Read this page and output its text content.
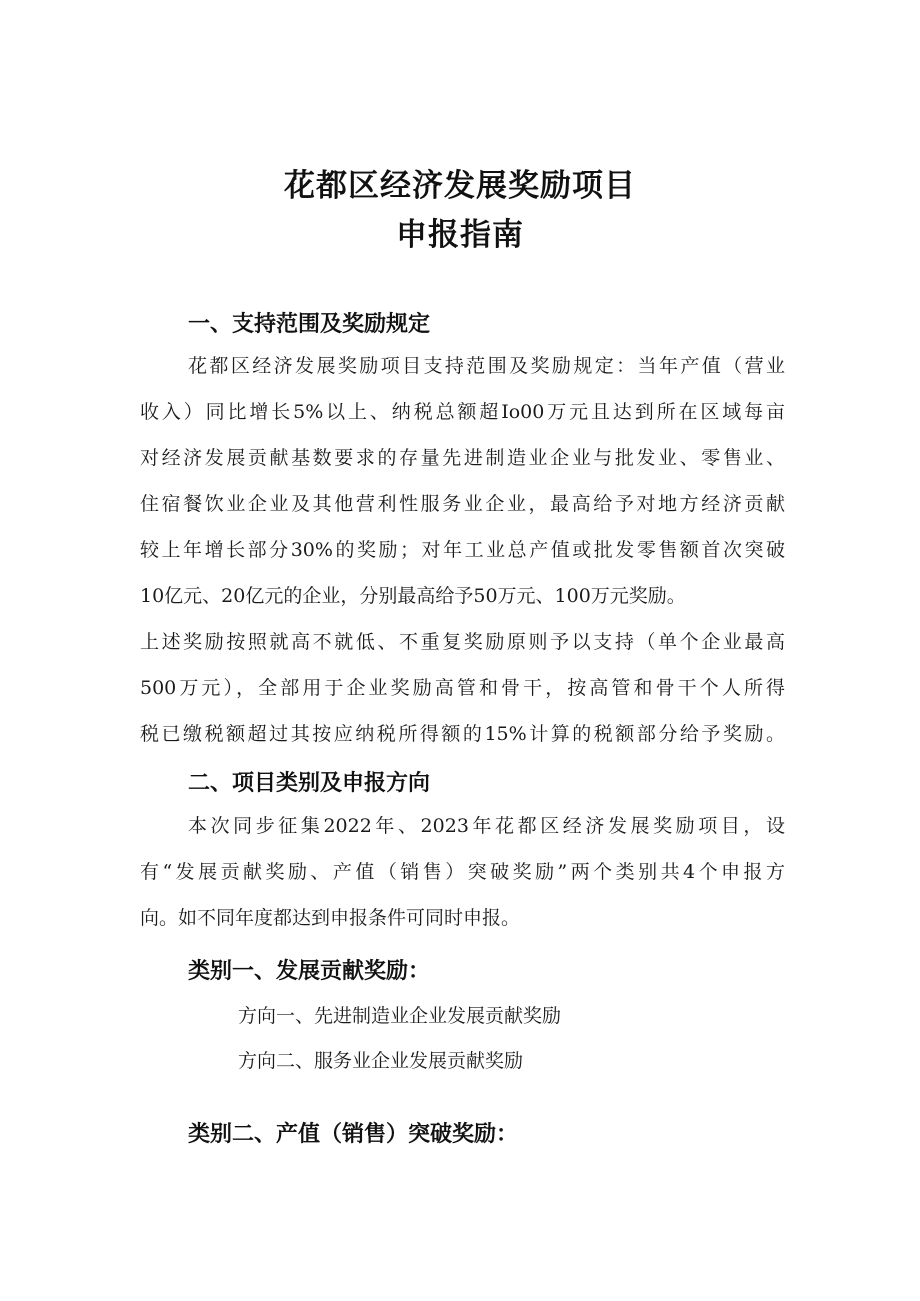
花都区经济发展奖励项目
申报指南
一、支持范围及奖励规定
花都区经济发展奖励项目支持范围及奖励规定：当年产值（营业
收入）同比增长5%以上、纳税总额超Io00万元且达到所在区域每亩
对经济发展贡献基数要求的存量先进制造业企业与批发业、零售业、
住宿餐饮业企业及其他营利性服务业企业，最高给予对地方经济贡献
较上年增长部分30%的奖励；对年工业总产值或批发零售额首次突破
10亿元、20亿元的企业，分别最高给予50万元、100万元奖励。
上述奖励按照就高不就低、不重复奖励原则予以支持（单个企业最高
500万元），全部用于企业奖励高管和骨干，按高管和骨干个人所得
税已缴税额超过其按应纳税所得额的15%计算的税额部分给予奖励。
二、项目类别及申报方向
本次同步征集2022年、2023年花都区经济发展奖励项目，设
有“发展贡献奖励、产值（销售）突破奖励”两个类别共4个申报方
向。如不同年度都达到申报条件可同时申报。
类别一、发展贡献奖励：
方向一、先进制造业企业发展贡献奖励
方向二、服务业企业发展贡献奖励
类别二、产值（销售）突破奖励：
